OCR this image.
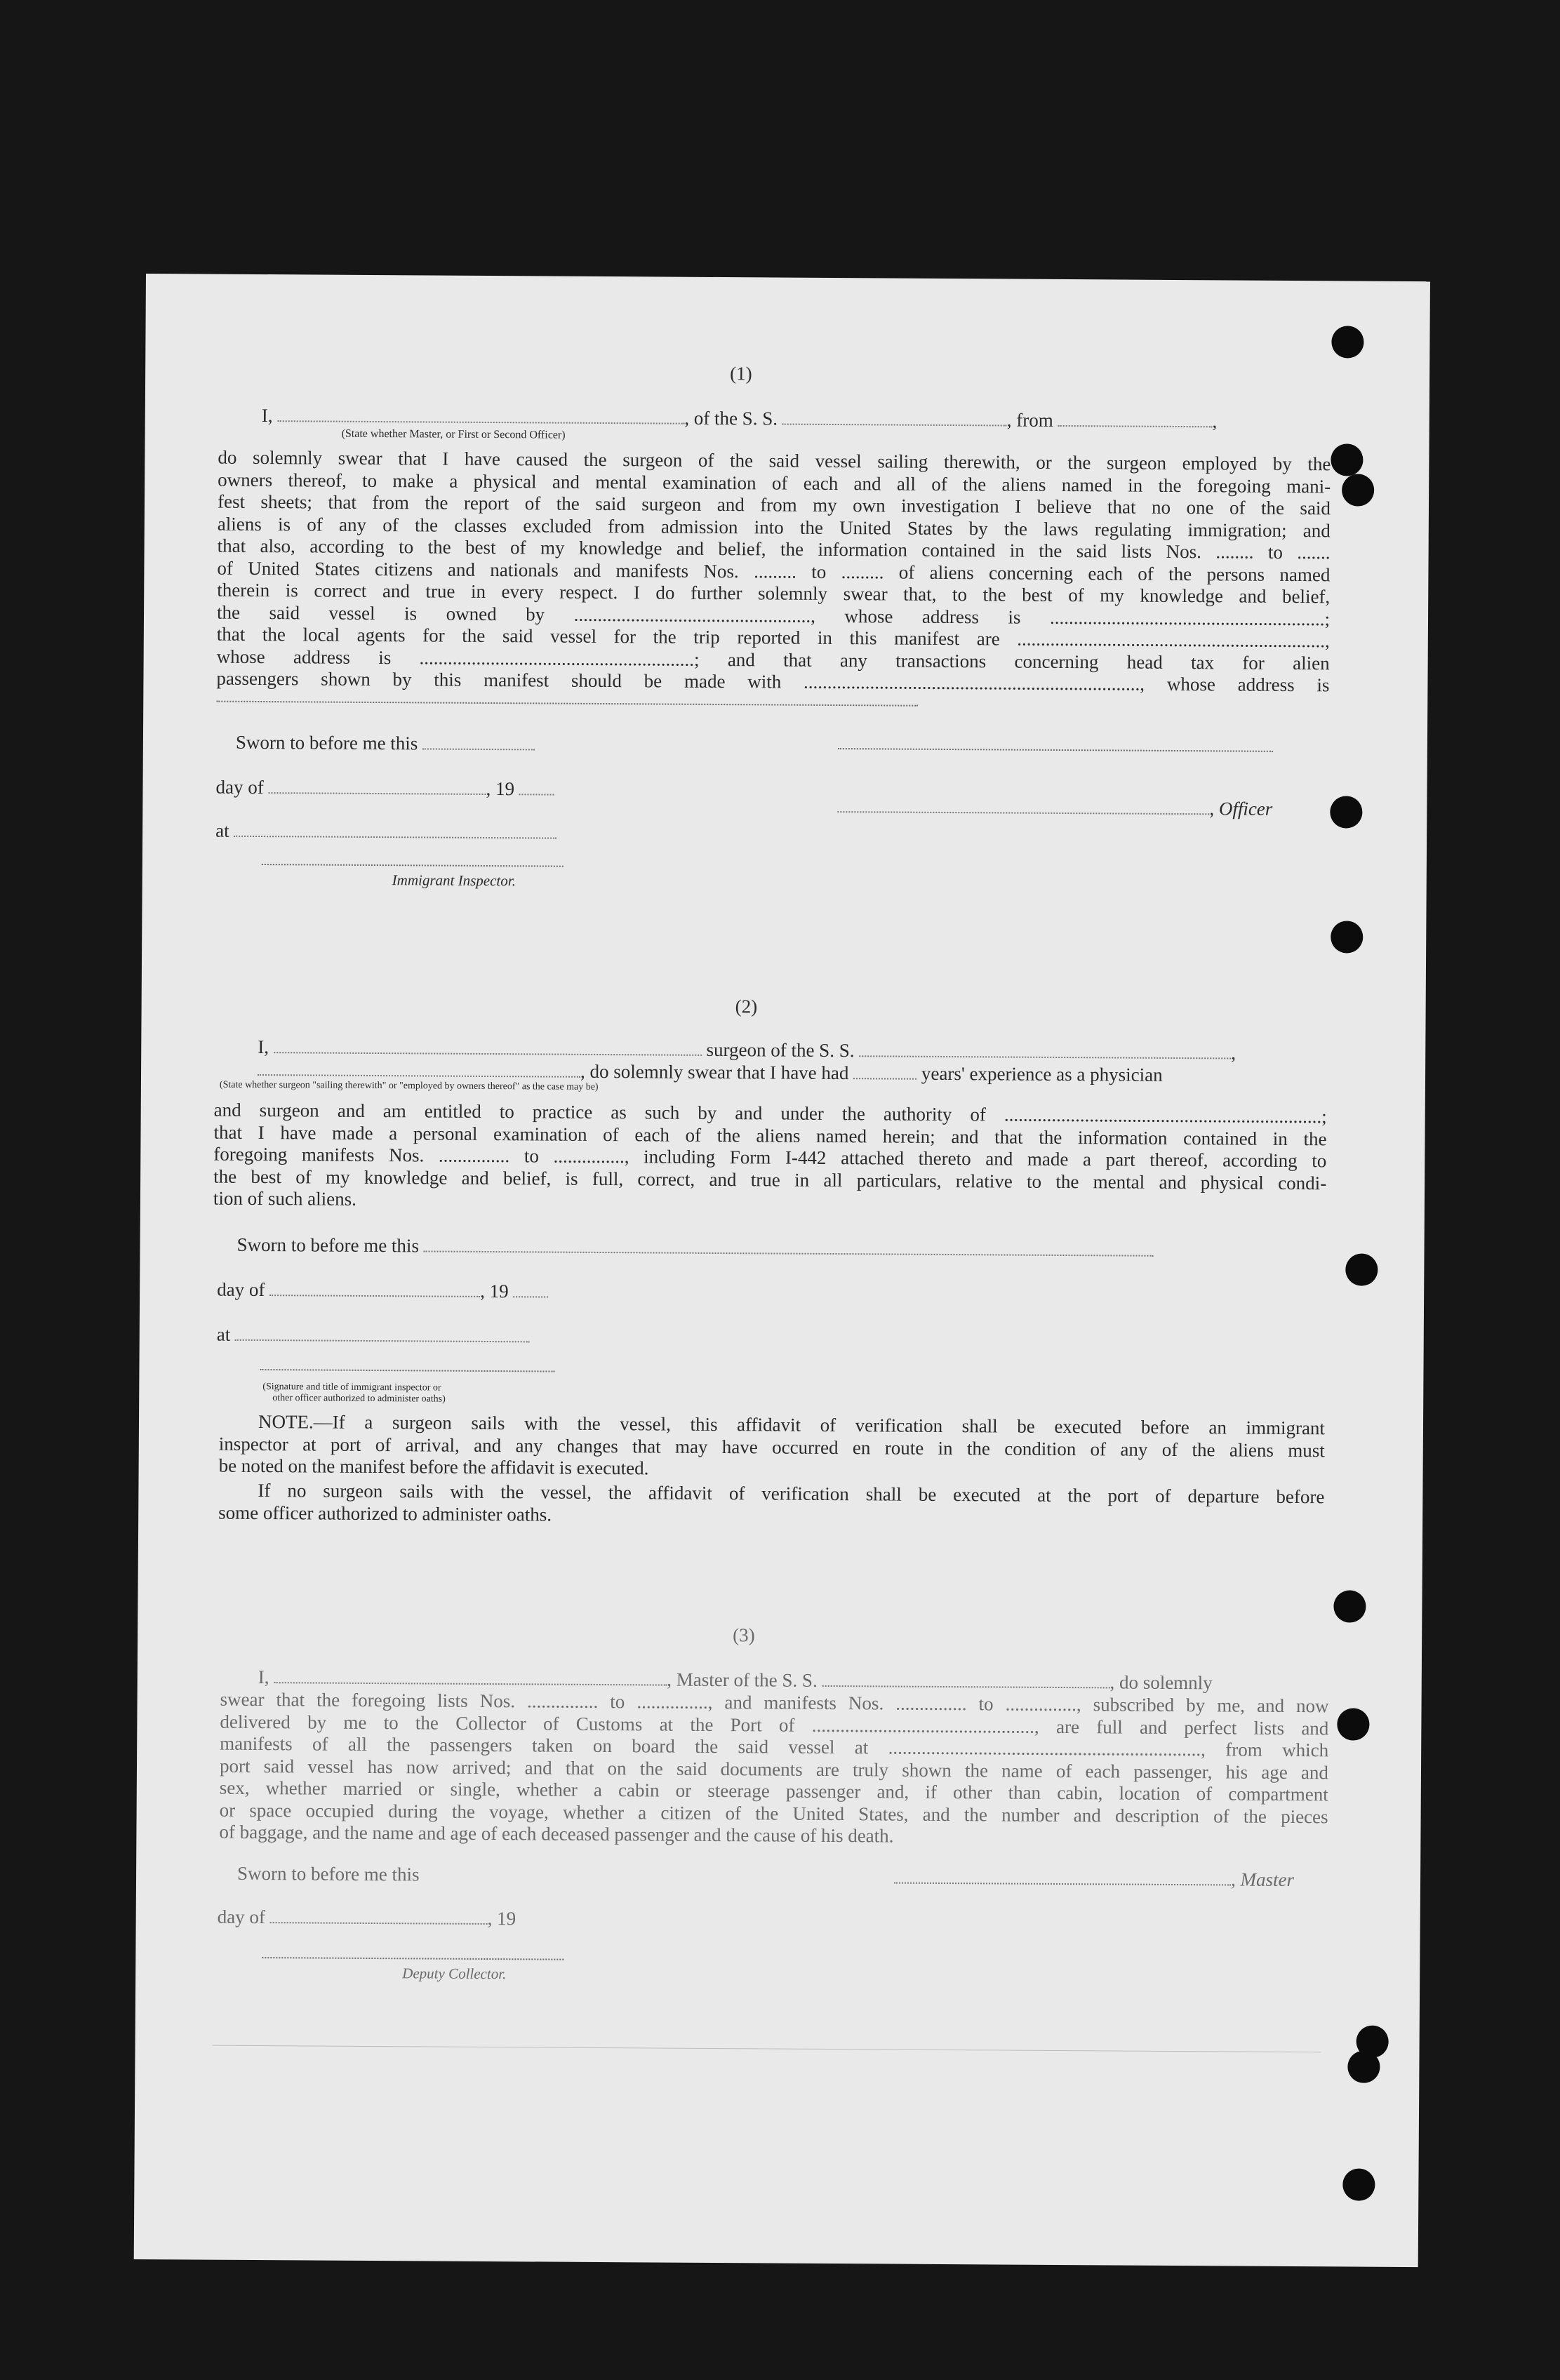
(1)
I,	, of the S. S.	, from	,
(State whether Master, or First or Second Officer)
do solemnly swear that I have caused the surgeon of the said vessel sailing therewith, or the surgeon employed by the
owners thereof, to make a physical and mental examination of each and all of the aliens named in the foregoing mani-
fest sheets; that from the report of the said surgeon and from my own investigation I believe that no one of the said
aliens is of any of the classes excluded from admission into the United States by the laws regulating immigration; and
that also, according to the best of my knowledge and belief, the information contained in the said lists Nos. ........ to .......
of United States citizens and nationals and manifests Nos. ......... to ......... of aliens concerning each of the persons named
therein is correct and true in every respect. I do further solemnly swear that, to the best of my knowledge and belief,
the said vessel is owned by .................................................., whose address is ..........................................................;
that the local agents for the said vessel for the trip reported in this manifest are .................................................................,
whose address is ..........................................................; and that any transactions concerning head tax for alien
passengers shown by this manifest should be made with ......................................................................., whose address is
Sworn to before me this
day of	, 19
, Officer
at
Immigrant Inspector.
(2)
I,	surgeon of the S. S.	,
, do solemnly swear that I have had	years' experience as a physician
(State whether surgeon "sailing therewith" or "employed by owners thereof" as the case may be)
and surgeon and am entitled to practice as such by and under the authority of ...................................................................;
that I have made a personal examination of each of the aliens named herein; and that the information contained in the
foregoing manifests Nos. ............... to ..............., including Form I-442 attached thereto and made a part thereof, according to
the best of my knowledge and belief, is full, correct, and true in all particulars, relative to the mental and physical condi-
tion of such aliens.
Sworn to before me this
day of	, 19
at
(Signature and title of immigrant inspector or
other officer authorized to administer oaths)
NOTE.—If a surgeon sails with the vessel, this affidavit of verification shall be executed before an immigrant
inspector at port of arrival, and any changes that may have occurred en route in the condition of any of the aliens must
be noted on the manifest before the affidavit is executed.
If no surgeon sails with the vessel, the affidavit of verification shall be executed at the port of departure before
some officer authorized to administer oaths.
(3)
I,	, Master of the S. S.	, do solemnly
swear that the foregoing lists Nos. ............... to ..............., and manifests Nos. ............... to ..............., subscribed by me, and now
delivered by me to the Collector of Customs at the Port of ..............................................., are full and perfect lists and
manifests of all the passengers taken on board the said vessel at .................................................................., from which
port said vessel has now arrived; and that on the said documents are truly shown the name of each passenger, his age and
sex, whether married or single, whether a cabin or steerage passenger and, if other than cabin, location of compartment
or space occupied during the voyage, whether a citizen of the United States, and the number and description of the pieces
of baggage, and the name and age of each deceased passenger and the cause of his death.
Sworn to before me this	, Master
day of	, 19
Deputy Collector.
